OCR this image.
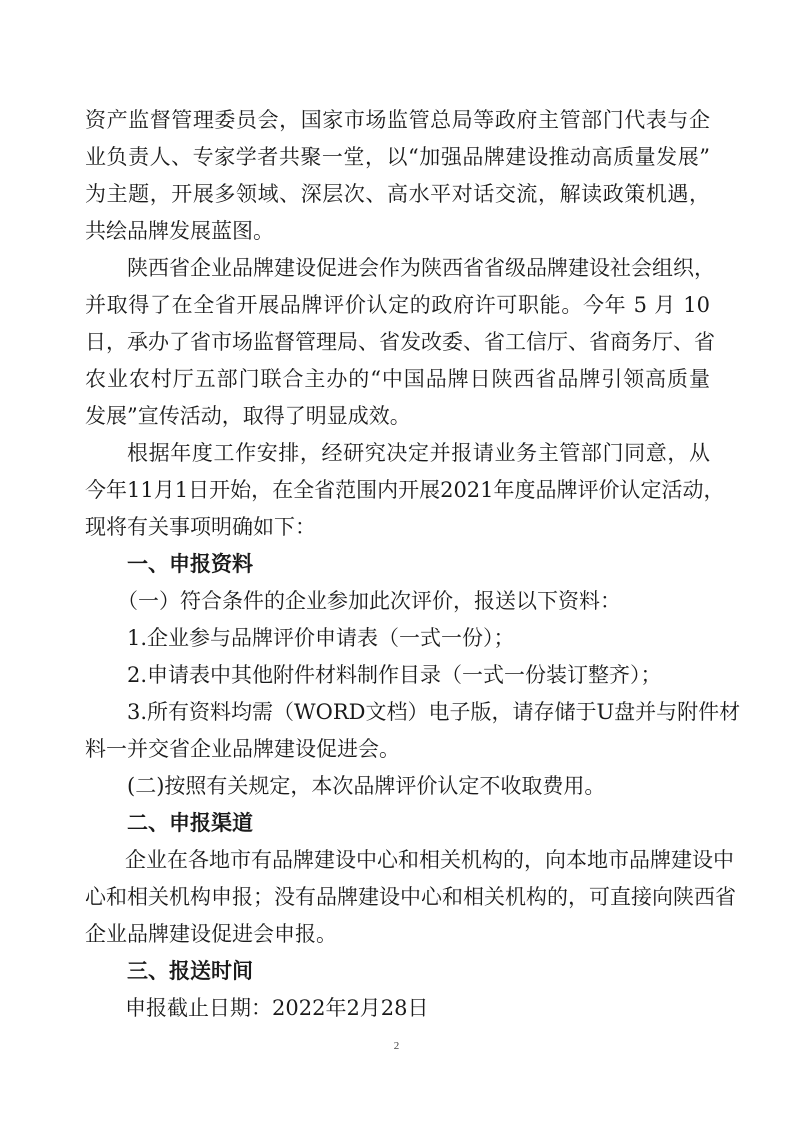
资产监督管理委员会，国家市场监管总局等政府主管部门代表与企
业负责人、专家学者共聚一堂，以“加强品牌建设推动高质量发展”
为主题，开展多领域、深层次、高水平对话交流，解读政策机遇，
共绘品牌发展蓝图。
陕西省企业品牌建设促进会作为陕西省省级品牌建设社会组织，
并取得了在全省开展品牌评价认定的政府许可职能。今年 5 月 10
日，承办了省市场监督管理局、省发改委、省工信厅、省商务厅、省
农业农村厅五部门联合主办的“中国品牌日陕西省品牌引领高质量
发展”宣传活动，取得了明显成效。
根据年度工作安排，经研究决定并报请业务主管部门同意，从
今年11月1日开始，在全省范围内开展2021年度品牌评价认定活动，
现将有关事项明确如下：
一、申报资料
（一）符合条件的企业参加此次评价，报送以下资料：
1.企业参与品牌评价申请表（一式一份）；
2.申请表中其他附件材料制作目录（一式一份装订整齐）；
3.所有资料均需（WORD文档）电子版，请存储于U盘并与附件材
料一并交省企业品牌建设促进会。
(二)按照有关规定，本次品牌评价认定不收取费用。
二、申报渠道
企业在各地市有品牌建设中心和相关机构的，向本地市品牌建设中
心和相关机构申报；没有品牌建设中心和相关机构的，可直接向陕西省
企业品牌建设促进会申报。
三、报送时间
申报截止日期：2022年2月28日
2
